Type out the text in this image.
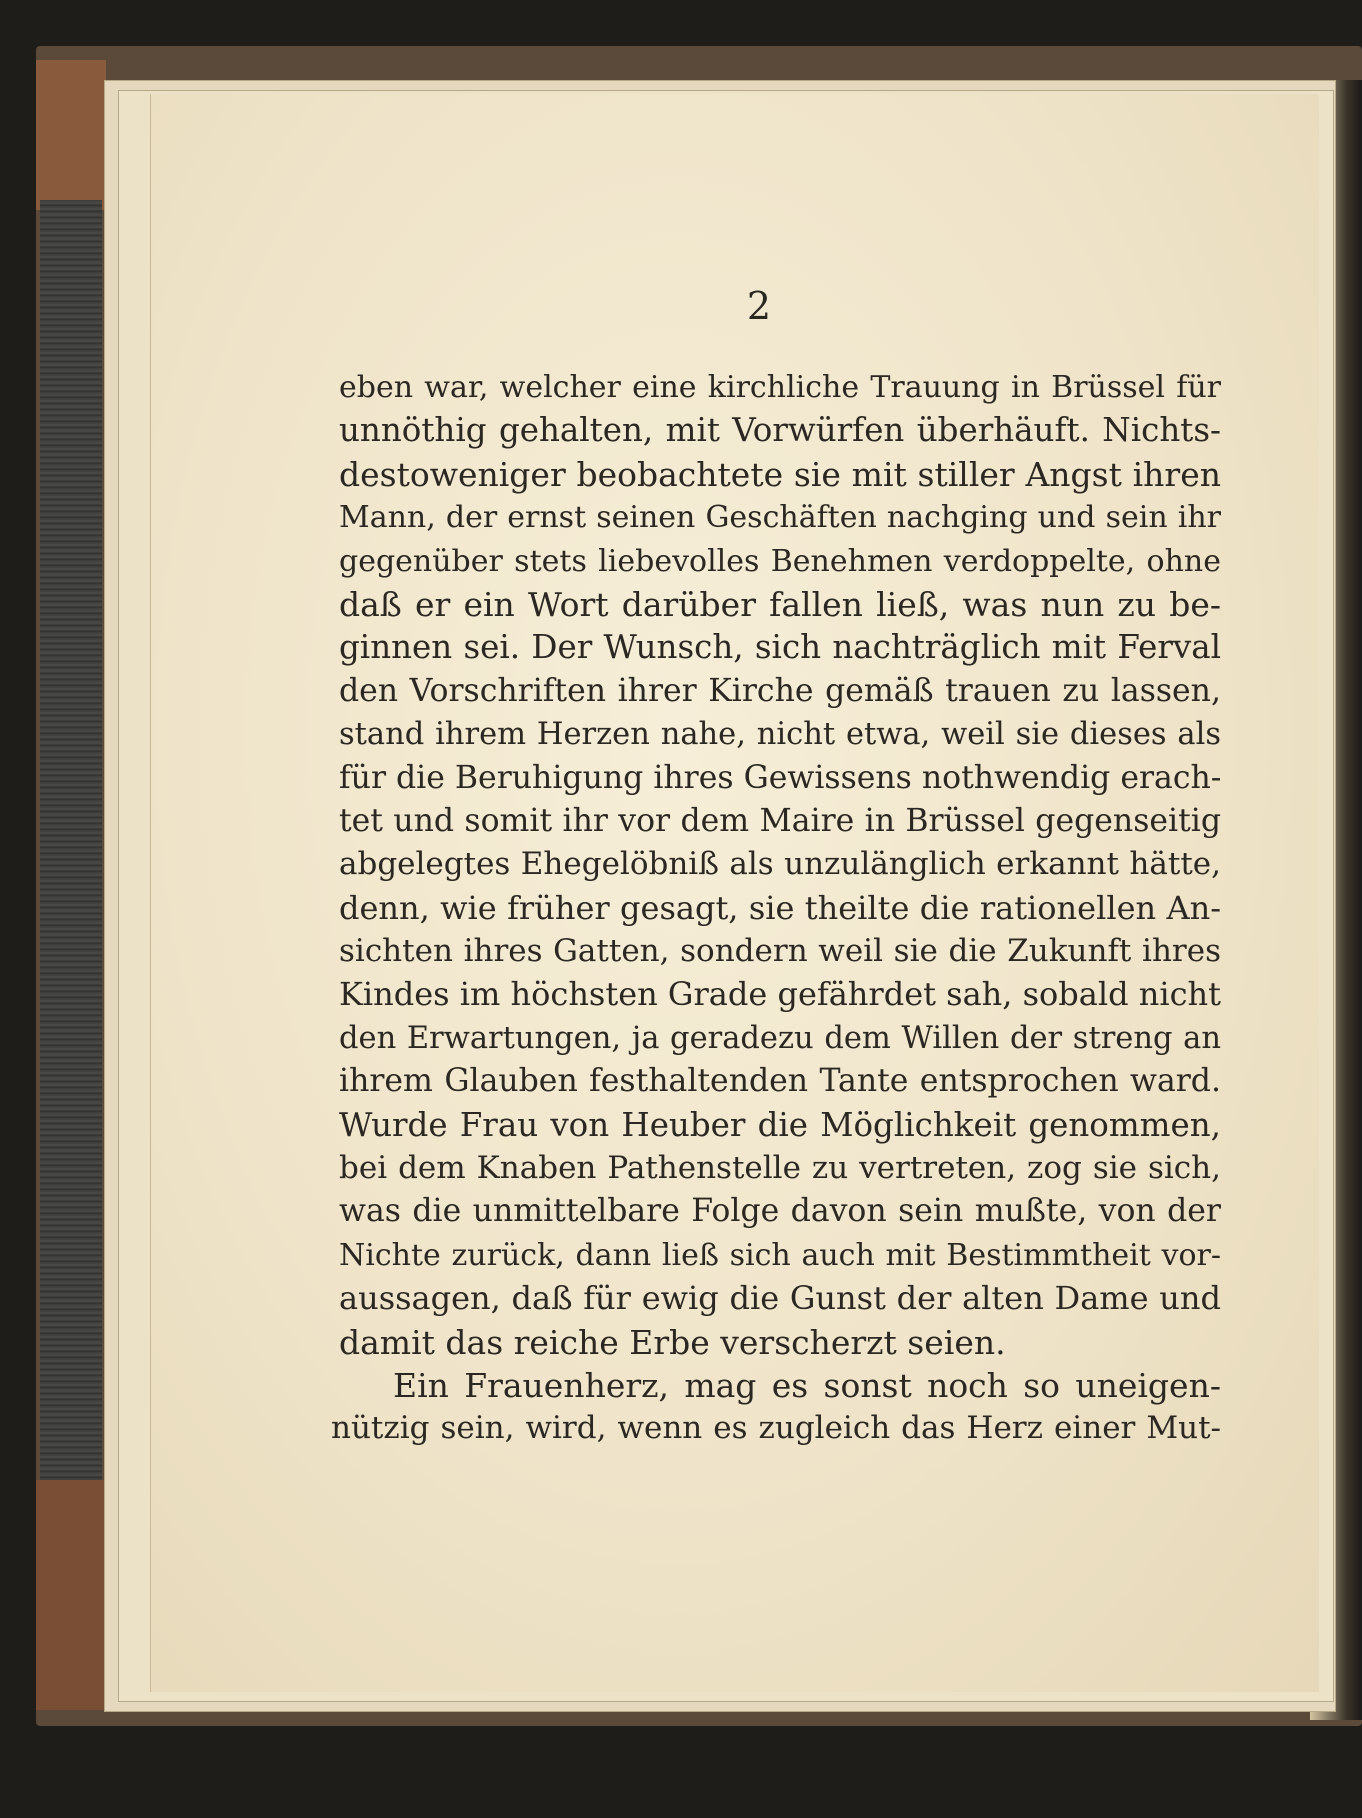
2
eben war, welcher eine kirchliche Trauung in Brüssel für
unnöthig gehalten, mit Vorwürfen überhäuft. Nichts-
destoweniger beobachtete sie mit stiller Angst ihren
Mann, der ernst seinen Geschäften nachging und sein ihr
gegenüber stets liebevolles Benehmen verdoppelte, ohne
daß er ein Wort darüber fallen ließ, was nun zu be-
ginnen sei. Der Wunsch, sich nachträglich mit Ferval
den Vorschriften ihrer Kirche gemäß trauen zu lassen,
stand ihrem Herzen nahe, nicht etwa, weil sie dieses als
für die Beruhigung ihres Gewissens nothwendig erach-
tet und somit ihr vor dem Maire in Brüssel gegenseitig
abgelegtes Ehegelöbniß als unzulänglich erkannt hätte,
denn, wie früher gesagt, sie theilte die rationellen An-
sichten ihres Gatten, sondern weil sie die Zukunft ihres
Kindes im höchsten Grade gefährdet sah, sobald nicht
den Erwartungen, ja geradezu dem Willen der streng an
ihrem Glauben festhaltenden Tante entsprochen ward.
Wurde Frau von Heuber die Möglichkeit genommen,
bei dem Knaben Pathenstelle zu vertreten, zog sie sich,
was die unmittelbare Folge davon sein mußte, von der
Nichte zurück, dann ließ sich auch mit Bestimmtheit vor-
aussagen, daß für ewig die Gunst der alten Dame und
damit das reiche Erbe verscherzt seien.
Ein Frauenherz, mag es sonst noch so uneigen-
nützig sein, wird, wenn es zugleich das Herz einer Mut-
